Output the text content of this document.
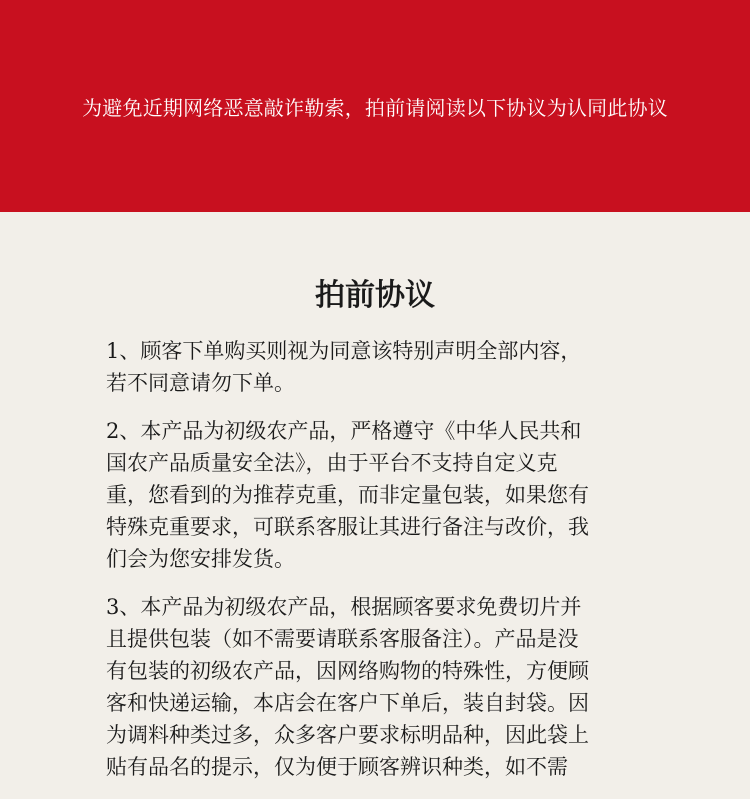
为避免近期网络恶意敲诈勒索，拍前请阅读以下协议为认同此协议
拍前协议

1、顾客下单购买则视为同意该特别声明全部内容，
若不同意请勿下单。

2、本产品为初级农产品，严格遵守《中华人民共和
国农产品质量安全法》，由于平台不支持自定义克
重，您看到的为推荐克重，而非定量包装，如果您有
特殊克重要求，可联系客服让其进行备注与改价，我
们会为您安排发货。

3、本产品为初级农产品，根据顾客要求免费切片并
且提供包装（如不需要请联系客服备注）。产品是没
有包装的初级农产品，因网络购物的特殊性，方便顾
客和快递运输，本店会在客户下单后，装自封袋。因
为调料种类过多，众多客户要求标明品种，因此袋上
贴有品名的提示，仅为便于顾客辨识种类，如不需
